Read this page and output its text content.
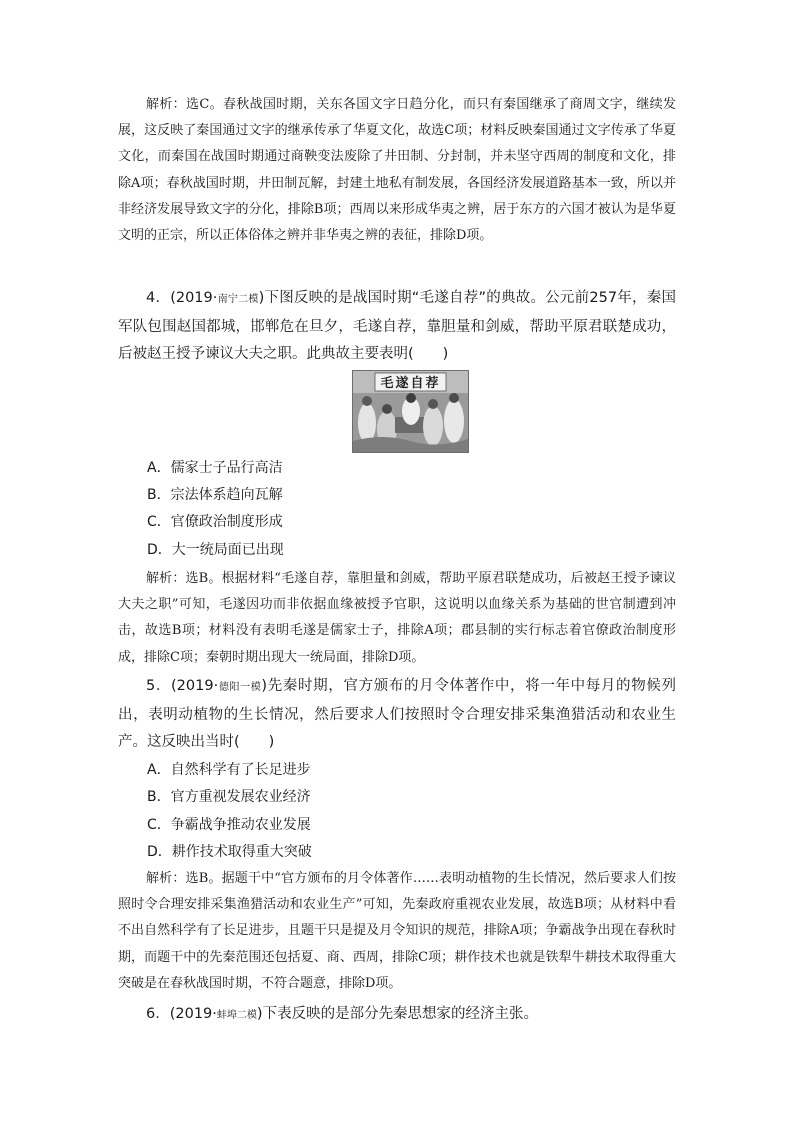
解析：选C。春秋战国时期，关东各国文字日趋分化，而只有秦国继承了商周文字，继续发展，这反映了秦国通过文字的继承传承了华夏文化，故选C项；材料反映秦国通过文字传承了华夏文化，而秦国在战国时期通过商鞅变法废除了井田制、分封制，并未坚守西周的制度和文化，排除A项；春秋战国时期，井田制瓦解，封建土地私有制发展，各国经济发展道路基本一致，所以并非经济发展导致文字的分化，排除B项；西周以来形成华夷之辨，居于东方的六国才被认为是华夏文明的正宗，所以正体俗体之辨并非华夷之辨的表征，排除D项。

4．(2019·南宁二模)下图反映的是战国时期“毛遂自荐”的典故。公元前257年，秦国军队包围赵国都城，邯郸危在旦夕，毛遂自荐，靠胆量和剑威，帮助平原君联楚成功，后被赵王授予谏议大夫之职。此典故主要表明(　　)

毛遂自荐
A．儒家士子品行高洁
B．宗法体系趋向瓦解
C．官僚政治制度形成
D．大一统局面已出现

解析：选B。根据材料“毛遂自荐，靠胆量和剑威，帮助平原君联楚成功，后被赵王授予谏议大夫之职”可知，毛遂因功而非依据血缘被授予官职，这说明以血缘关系为基础的世官制遭到冲击，故选B项；材料没有表明毛遂是儒家士子，排除A项；郡县制的实行标志着官僚政治制度形成，排除C项；秦朝时期出现大一统局面，排除D项。

5．(2019·德阳一模)先秦时期，官方颁布的月令体著作中，将一年中每月的物候列出，表明动植物的生长情况，然后要求人们按照时令合理安排采集渔猎活动和农业生产。这反映出当时(　　)

A．自然科学有了长足进步
B．官方重视发展农业经济
C．争霸战争推动农业发展
D．耕作技术取得重大突破

解析：选B。据题干中“官方颁布的月令体著作……表明动植物的生长情况，然后要求人们按照时令合理安排采集渔猎活动和农业生产”可知，先秦政府重视农业发展，故选B项；从材料中看不出自然科学有了长足进步，且题干只是提及月令知识的规范，排除A项；争霸战争出现在春秋时期，而题干中的先秦范围还包括夏、商、西周，排除C项；耕作技术也就是铁犁牛耕技术取得重大突破是在春秋战国时期，不符合题意，排除D项。

6．(2019·蚌埠二模)下表反映的是部分先秦思想家的经济主张。
